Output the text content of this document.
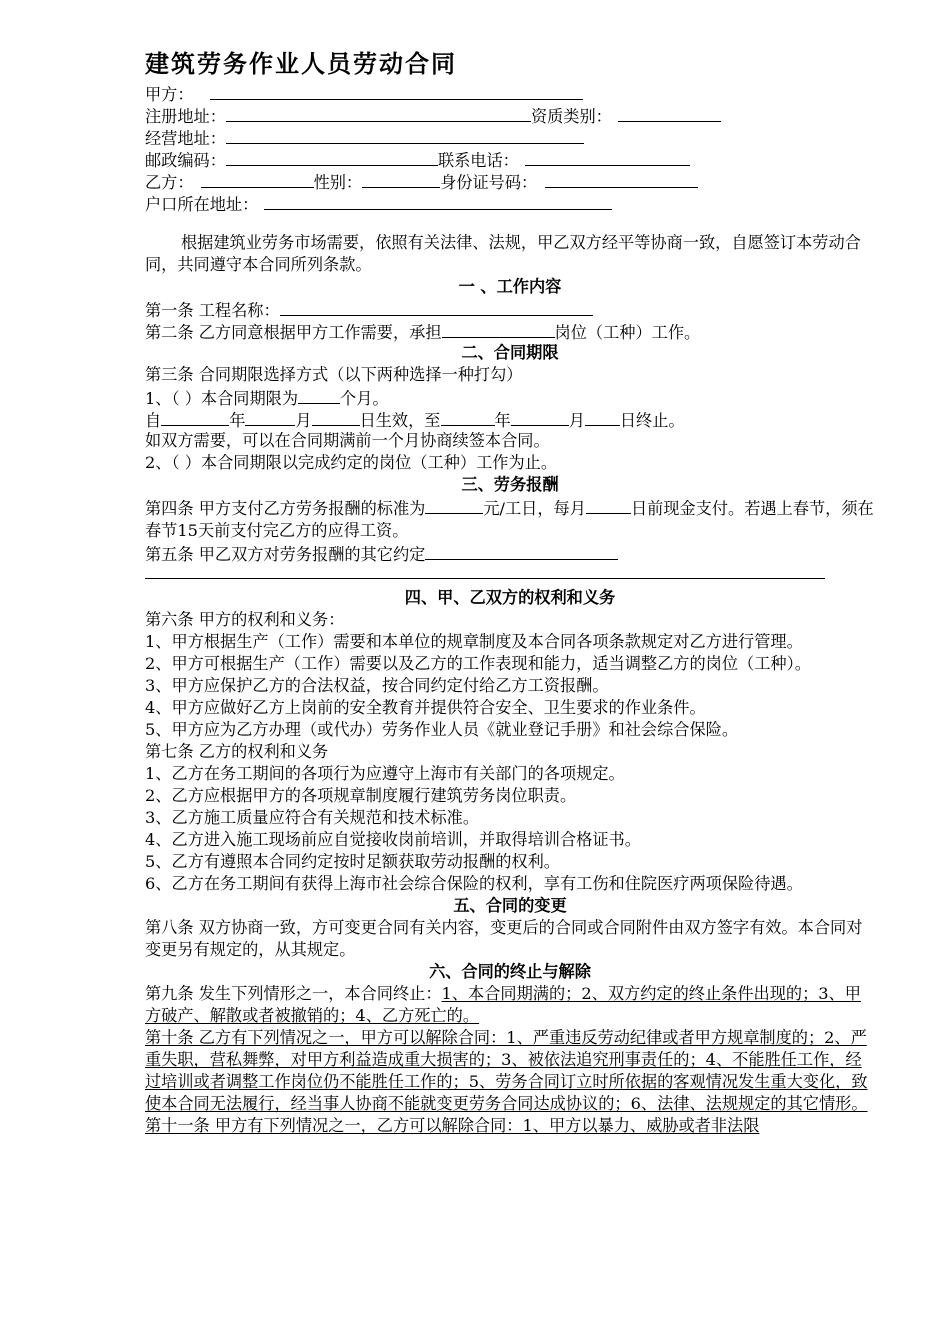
建筑劳务作业人员劳动合同
甲方：
注册地址：	资质类别：
经营地址：
邮政编码：	联系电话：
乙方：	性别：	身份证号码：
户口所在地址：
根据建筑业劳务市场需要，依照有关法律、法规，甲乙双方经平等协商一致，自愿签订本劳动合同，共同遵守本合同所列条款。
一 、工作内容
第一条 工程名称：
第二条 乙方同意根据甲方工作需要，承担	岗位（工种）工作。
二、合同期限
第三条 合同期限选择方式（以下两种选择一种打勾）
1、（ ）本合同期限为	个月。
自	年	月	日生效，至	年	月 日终止。
如双方需要，可以在合同期满前一个月协商续签本合同。
2、（ ）本合同期限以完成约定的岗位（工种）工作为止。
三、劳务报酬
第四条 甲方支付乙方劳务报酬的标准为	元/工日，每月	日前现金支付。若遇上春节，须在春节15天前支付完乙方的应得工资。
第五条 甲乙双方对劳务报酬的其它约定
四、甲、乙双方的权利和义务
第六条 甲方的权利和义务：
1、甲方根据生产（工作）需要和本单位的规章制度及本合同各项条款规定对乙方进行管理。
2、甲方可根据生产（工作）需要以及乙方的工作表现和能力，适当调整乙方的岗位（工种）。
3、甲方应保护乙方的合法权益，按合同约定付给乙方工资报酬。
4、甲方应做好乙方上岗前的安全教育并提供符合安全、卫生要求的作业条件。
5、甲方应为乙方办理（或代办）劳务作业人员《就业登记手册》和社会综合保险。
第七条 乙方的权利和义务
1、乙方在务工期间的各项行为应遵守上海市有关部门的各项规定。
2、乙方应根据甲方的各项规章制度履行建筑劳务岗位职责。
3、乙方施工质量应符合有关规范和技术标准。
4、乙方进入施工现场前应自觉接收岗前培训，并取得培训合格证书。
5、乙方有遵照本合同约定按时足额获取劳动报酬的权利。
6、乙方在务工期间有获得上海市社会综合保险的权利，享有工伤和住院医疗两项保险待遇。
五、合同的变更
第八条 双方协商一致，方可变更合同有关内容，变更后的合同或合同附件由双方签字有效。本合同对变更另有规定的，从其规定。
六、合同的终止与解除
第九条 发生下列情形之一，本合同终止：1、本合同期满的；2、双方约定的终止条件出现的；3、甲方破产、解散或者被撤销的；4、乙方死亡的。
第十条 乙方有下列情况之一，甲方可以解除合同：1、严重违反劳动纪律或者甲方规章制度的；2、严重失职，营私舞弊，对甲方利益造成重大损害的；3、被依法追究刑事责任的；4、不能胜任工作，经过培训或者调整工作岗位仍不能胜任工作的；5、劳务合同订立时所依据的客观情况发生重大变化，致使本合同无法履行，经当事人协商不能就变更劳务合同达成协议的；6、法律、法规规定的其它情形。
第十一条 甲方有下列情况之一，乙方可以解除合同：1、甲方以暴力、威胁或者非法限
